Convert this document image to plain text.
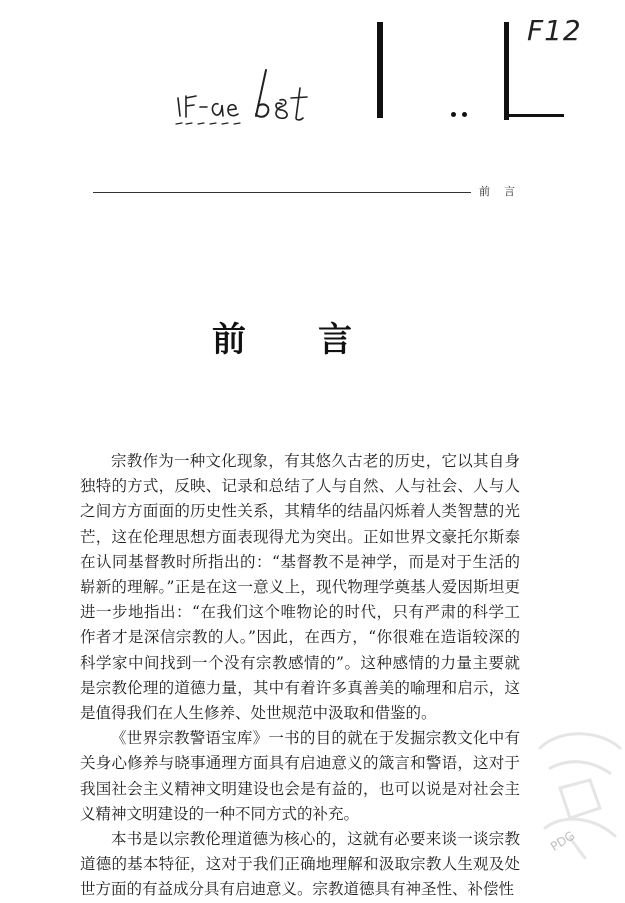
F12
前言
前言

宗教作为一种文化现象，有其悠久古老的历史，它以其自身独特的方式，反映、记录和总结了人与自然、人与社会、人与人之间方方面面的历史性关系，其精华的结晶闪烁着人类智慧的光芒，这在伦理思想方面表现得尤为突出。正如世界文豪托尔斯泰在认同基督教时所指出的：“基督教不是神学，而是对于生活的崭新的理解。”正是在这一意义上，现代物理学奠基人爱因斯坦更进一步地指出：“在我们这个唯物论的时代，只有严肃的科学工作者才是深信宗教的人。”因此，在西方，“你很难在造诣较深的科学家中间找到一个没有宗教感情的”。这种感情的力量主要就是宗教伦理的道德力量，其中有着许多真善美的喻理和启示，这是值得我们在人生修养、处世规范中汲取和借鉴的。

《世界宗教警语宝库》一书的目的就在于发掘宗教文化中有关身心修养与晓事通理方面具有启迪意义的箴言和警语，这对于我国社会主义精神文明建设也会是有益的，也可以说是对社会主义精神文明建设的一种不同方式的补充。

本书是以宗教伦理道德为核心的，这就有必要来谈一谈宗教道德的基本特征，这对于我们正确地理解和汲取宗教人生观及处世方面的有益成分具有启迪意义。宗教道德具有神圣性、补偿性

PDG
